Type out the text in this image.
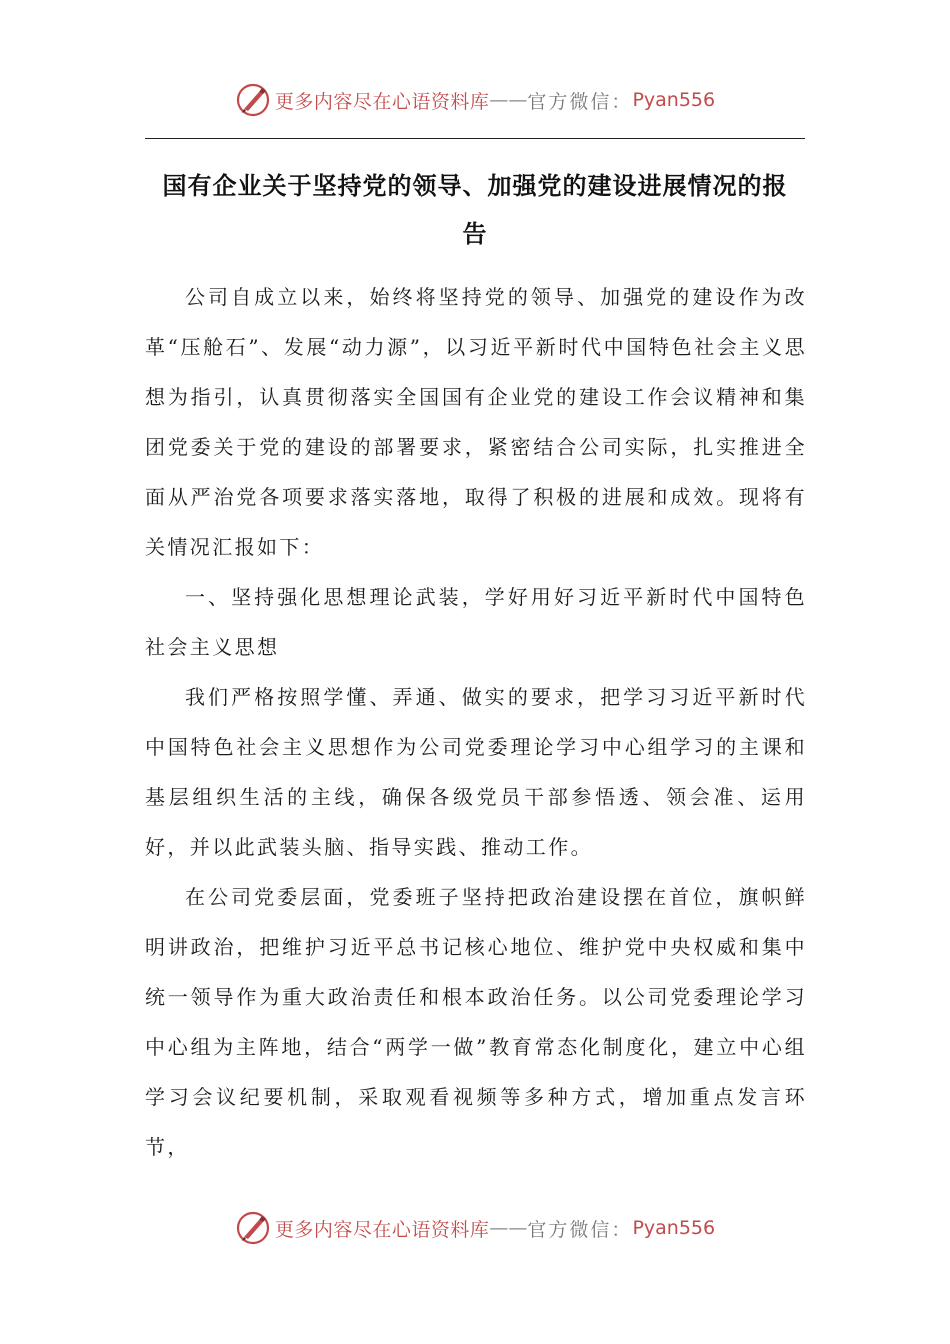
更多内容尽在心语资料库 —— 官方微信： Pyan556
国有企业关于坚持党的领导、加强党的建设进展情况的报
告

公司自成立以来，始终将坚持党的领导、加强党的建设作为改革“压舱石”、发展“动力源”，以习近平新时代中国特色社会主义思想为指引，认真贯彻落实全国国有企业党的建设工作会议精神和集团党委关于党的建设的部署要求，紧密结合公司实际，扎实推进全面从严治党各项要求落实落地，取得了积极的进展和成效。现将有关情况汇报如下：

一、坚持强化思想理论武装，学好用好习近平新时代中国特色社会主义思想

我们严格按照学懂、弄通、做实的要求，把学习习近平新时代中国特色社会主义思想作为公司党委理论学习中心组学习的主课和基层组织生活的主线，确保各级党员干部参悟透、领会准、运用好，并以此武装头脑、指导实践、推动工作。

在公司党委层面，党委班子坚持把政治建设摆在首位，旗帜鲜明讲政治，把维护习近平总书记核心地位、维护党中央权威和集中统一领导作为重大政治责任和根本政治任务。以公司党委理论学习中心组为主阵地，结合“两学一做”教育常态化制度化，建立中心组学习会议纪要机制，采取观看视频等多种方式，增加重点发言环节，

更多内容尽在心语资料库 —— 官方微信： Pyan556
